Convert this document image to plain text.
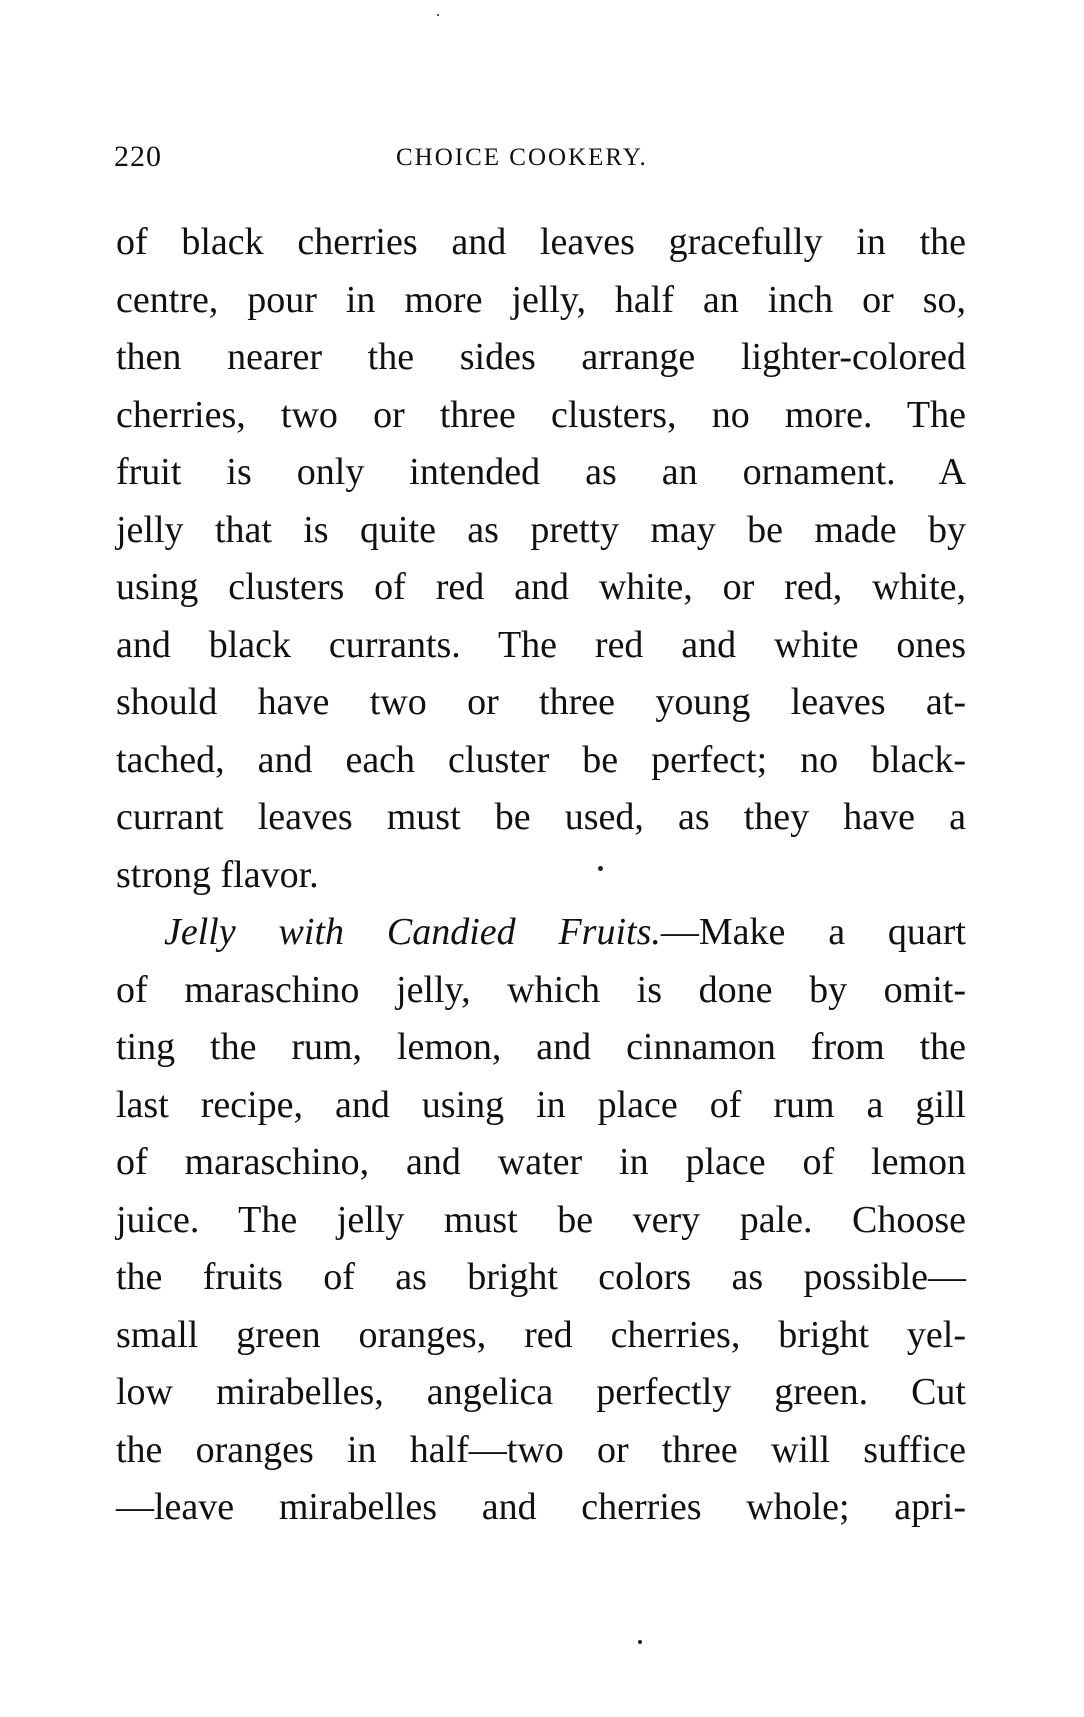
220	CHOICE COOKERY.
of black cherries and leaves gracefully in the
centre, pour in more jelly, half an inch or so,
then nearer the sides arrange lighter-colored
cherries, two or three clusters, no more. The
fruit is only intended as an ornament. A
jelly that is quite as pretty may be made by
using clusters of red and white, or red, white,
and black currants. The red and white ones
should have two or three young leaves at-
tached, and each cluster be perfect; no black-
currant leaves must be used, as they have a
strong flavor.
Jelly with Candied Fruits.—Make a quart
of maraschino jelly, which is done by omit-
ting the rum, lemon, and cinnamon from the
last recipe, and using in place of rum a gill
of maraschino, and water in place of lemon
juice. The jelly must be very pale. Choose
the fruits of as bright colors as possible—
small green oranges, red cherries, bright yel-
low mirabelles, angelica perfectly green. Cut
the oranges in half—two or three will suffice
—leave mirabelles and cherries whole; apri-
